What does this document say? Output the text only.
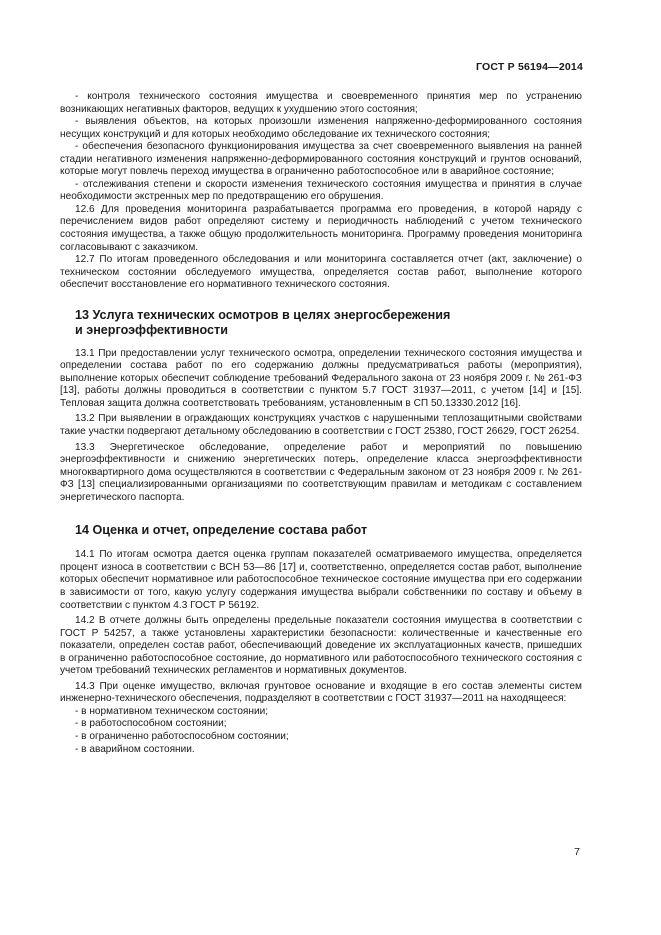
ГОСТ Р 56194—2014

- контроля технического состояния имущества и своевременного принятия мер по устранению возникающих негативных факторов, ведущих к ухудшению этого состояния;

- выявления объектов, на которых произошли изменения напряженно-деформированного состояния несущих конструкций и для которых необходимо обследование их технического состояния;

- обеспечения безопасного функционирования имущества за счет своевременного выявления на ранней стадии негативного изменения напряженно-деформированного состояния конструкций и грунтов оснований, которые могут повлечь переход имущества в ограниченно работоспособное или в аварийное состояние;

- отслеживания степени и скорости изменения технического состояния имущества и принятия в случае необходимости экстренных мер по предотвращению его обрушения.

12.6 Для проведения мониторинга разрабатывается программа его проведения, в которой наряду с перечислением видов работ определяют систему и периодичность наблюдений с учетом технического состояния имущества, а также общую продолжительность мониторинга. Программу проведения мониторинга согласовывают с заказчиком.

12.7 По итогам проведенного обследования и или мониторинга составляется отчет (акт, заключение) о техническом состоянии обследуемого имущества, определяется состав работ, выполнение которого обеспечит восстановление его нормативного технического состояния.

13 Услуга технических осмотров в целях энергосбережения
и энергоэффективности

13.1 При предоставлении услуг технического осмотра, определении технического состояния имущества и определении состава работ по его содержанию должны предусматриваться работы (мероприятия), выполнение которых обеспечит соблюдение требований Федерального закона от 23 ноября 2009 г. № 261-ФЗ [13], работы должны проводиться в соответствии с пунктом 5.7 ГОСТ 31937—2011, с учетом [14] и [15]. Тепловая защита должна соответствовать требованиям, установленным в СП 50.13330.2012 [16].

13.2 При выявлении в ограждающих конструкциях участков с нарушенными теплозащитными свойствами такие участки подвергают детальному обследованию в соответствии с ГОСТ 25380, ГОСТ 26629, ГОСТ 26254.

13.3 Энергетическое обследование, определение работ и мероприятий по повышению энергоэффективности и снижению энергетических потерь, определение класса энергоэффективности многоквартирного дома осуществляются в соответствии с Федеральным законом от 23 ноября 2009 г. № 261-ФЗ [13] специализированными организациями по соответствующим правилам и методикам с составлением энергетического паспорта.

14 Оценка и отчет, определение состава работ

14.1 По итогам осмотра дается оценка группам показателей осматриваемого имущества, определяется процент износа в соответствии с ВСН 53—86 [17] и, соответственно, определяется состав работ, выполнение которых обеспечит нормативное или работоспособное техническое состояние имущества при его содержании в зависимости от того, какую услугу содержания имущества выбрали собственники по составу и объему в соответствии с пунктом 4.3 ГОСТ Р 56192.

14.2 В отчете должны быть определены предельные показатели состояния имущества в соответствии с ГОСТ Р 54257, а также установлены характеристики безопасности: количественные и качественные его показатели, определен состав работ, обеспечивающий доведение их эксплуатационных качеств, пришедших в ограниченно работоспособное состояние, до нормативного или работоспособного технического состояния с учетом требований технических регламентов и нормативных документов.

14.3 При оценке имущество, включая грунтовое основание и входящие в его состав элементы систем инженерно-технического обеспечения, подразделяют в соответствии с ГОСТ 31937—2011 на находящееся:

- в нормативном техническом состоянии;

- в работоспособном состоянии;

- в ограниченно работоспособном состоянии;

- в аварийном состоянии.

7
